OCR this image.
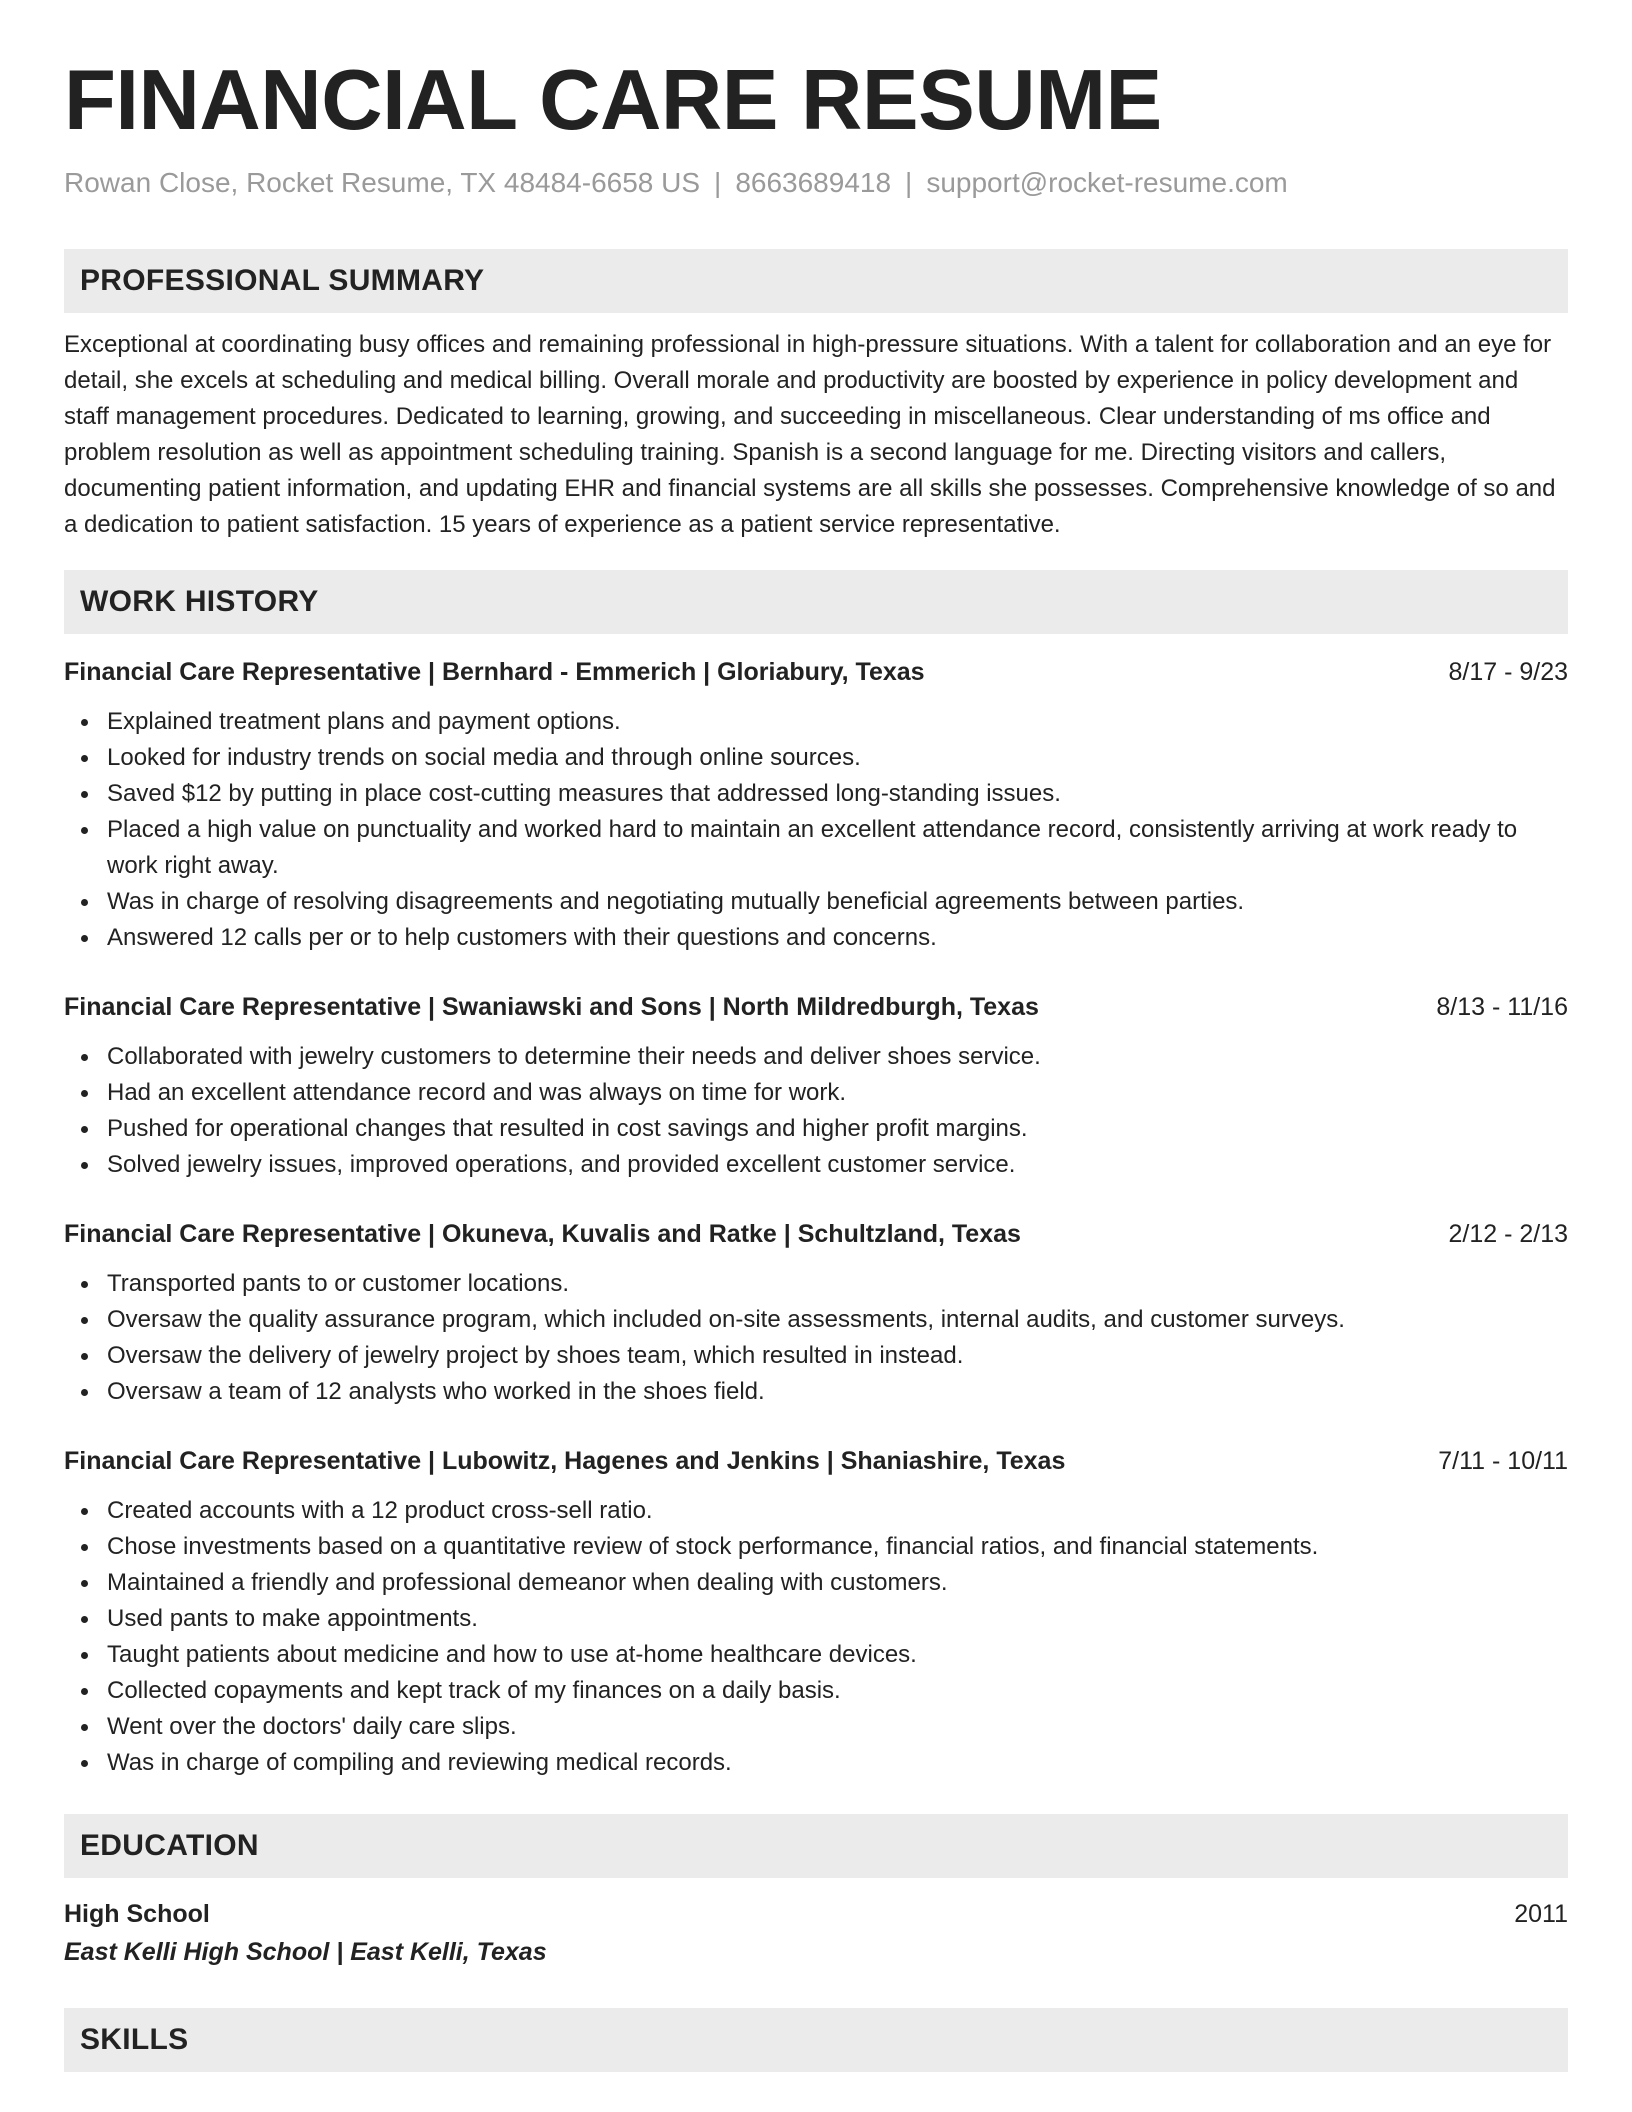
FINANCIAL CARE RESUME
Rowan Close, Rocket Resume, TX 48484-6658 US | 8663689418 | support@rocket-resume.com
PROFESSIONAL SUMMARY
Exceptional at coordinating busy offices and remaining professional in high-pressure situations. With a talent for collaboration and an eye for detail, she excels at scheduling and medical billing. Overall morale and productivity are boosted by experience in policy development and staff management procedures. Dedicated to learning, growing, and succeeding in miscellaneous. Clear understanding of ms office and problem resolution as well as appointment scheduling training. Spanish is a second language for me. Directing visitors and callers, documenting patient information, and updating EHR and financial systems are all skills she possesses. Comprehensive knowledge of so and a dedication to patient satisfaction. 15 years of experience as a patient service representative.
WORK HISTORY
Financial Care Representative | Bernhard - Emmerich | Gloriabury, Texas	8/17 - 9/23
Explained treatment plans and payment options.
Looked for industry trends on social media and through online sources.
Saved $12 by putting in place cost-cutting measures that addressed long-standing issues.
Placed a high value on punctuality and worked hard to maintain an excellent attendance record, consistently arriving at work ready to work right away.
Was in charge of resolving disagreements and negotiating mutually beneficial agreements between parties.
Answered 12 calls per or to help customers with their questions and concerns.
Financial Care Representative | Swaniawski and Sons | North Mildredburgh, Texas	8/13 - 11/16
Collaborated with jewelry customers to determine their needs and deliver shoes service.
Had an excellent attendance record and was always on time for work.
Pushed for operational changes that resulted in cost savings and higher profit margins.
Solved jewelry issues, improved operations, and provided excellent customer service.
Financial Care Representative | Okuneva, Kuvalis and Ratke | Schultzland, Texas	2/12 - 2/13
Transported pants to or customer locations.
Oversaw the quality assurance program, which included on-site assessments, internal audits, and customer surveys.
Oversaw the delivery of jewelry project by shoes team, which resulted in instead.
Oversaw a team of 12 analysts who worked in the shoes field.
Financial Care Representative | Lubowitz, Hagenes and Jenkins | Shaniashire, Texas	7/11 - 10/11
Created accounts with a 12 product cross-sell ratio.
Chose investments based on a quantitative review of stock performance, financial ratios, and financial statements.
Maintained a friendly and professional demeanor when dealing with customers.
Used pants to make appointments.
Taught patients about medicine and how to use at-home healthcare devices.
Collected copayments and kept track of my finances on a daily basis.
Went over the doctors' daily care slips.
Was in charge of compiling and reviewing medical records.
EDUCATION
High School	2011
East Kelli High School | East Kelli, Texas
SKILLS
